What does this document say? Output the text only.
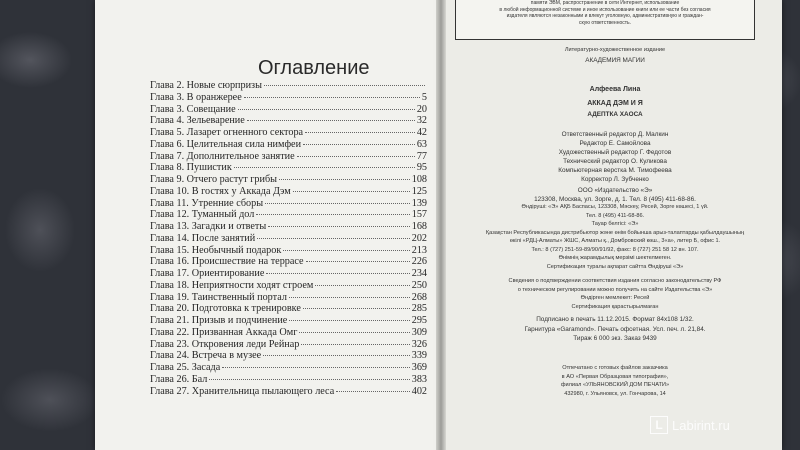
Оглавление
Глава 2. Новые сюрпризы
Глава 3. В оранжерее	5
Глава 3. Совещание	20
Глава 4. Зельеварение	32
Глава 5. Лазарет огненного сектора	42
Глава 6. Целительная сила нимфеи	63
Глава 7. Дополнительное занятие	77
Глава 8. Пушистик	95
Глава 9. Отчего растут грибы	108
Глава 10. В гостях у Аккада Дэм	125
Глава 11. Утренние сборы	139
Глава 12. Туманный дол	157
Глава 13. Загадки и ответы	168
Глава 14. После занятий	202
Глава 15. Необычный подарок	213
Глава 16. Происшествие на террасе	226
Глава 17. Ориентирование	234
Глава 18. Неприятности ходят строем	250
Глава 19. Таинственный портал	268
Глава 20. Подготовка к тренировке	285
Глава 21. Призыв и подчинение	295
Глава 22. Призванная Аккада Омг	309
Глава 23. Откровения леди Рейнар	326
Глава 24. Встреча в музее	339
Глава 25. Засада	369
Глава 26. Бал	383
Глава 27. Хранительница пылающего леса	402
памяти ЭВМ, распространение в сети Интернет, использование
в любой информационной системе и иное использование книги или ее части без согласия
издателя являются незаконными и влекут уголовную, административную и граждан-
скую ответственность.
Литературно-художественное издание
АКАДЕМИЯ МАГИИ
Алфеева Лина
АККАД ДЭМ И Я
АДЕПТКА ХАОСА
Ответственный редактор Д. Малкин
Редактор Е. Самойлова
Художественный редактор Г. Федотов
Технический редактор О. Куликова
Компьютерная верстка М. Тимофеева
Корректор Л. Зубченко
ООО «Издательство «Э»
123308, Москва, ул. Зорге, д. 1. Тел. 8 (495) 411-68-86.
Өндіруші: «Э» АҚБ Баспасы, 123308, Мәскеу, Ресей, Зорге көшесі, 1 үй.
Тел. 8 (495) 411-68-86.
Тауар белгісі: «Э»
Қазақстан Республикасында дистрибьютор және өнім бойынша арыз-талаптарды қабылдаушының
өкілі «РДЦ-Алматы» ЖШС, Алматы қ., Домбровский көш., 3«а», литер Б, офис 1.
Тел.: 8 (727) 251-59-89/90/91/92, факс: 8 (727) 251 58 12 вн. 107.
Өнімнің жарамдылық мерзімі шектелмеген.
Сертификация туралы ақпарат сайтта Өндіруші «Э»
Сведения о подтверждении соответствия издания согласно законодательству РФ
о техническом регулировании можно получить на сайте Издательства «Э»
Өндірген мемлекет: Ресей
Сертификация қарастырылмаған
Подписано в печать 11.12.2015. Формат 84x108 1/32.
Гарнитура «Garamond». Печать офсетная. Усл. печ. л. 21,84.
Тираж 6 000 экз. Заказ 9439
Отпечатано с готовых файлов заказчика
в АО «Первая Образцовая типография»,
филиал «УЛЬЯНОВСКИЙ ДОМ ПЕЧАТИ»
432980, г. Ульяновск, ул. Гончарова, 14
L Labirint.ru
